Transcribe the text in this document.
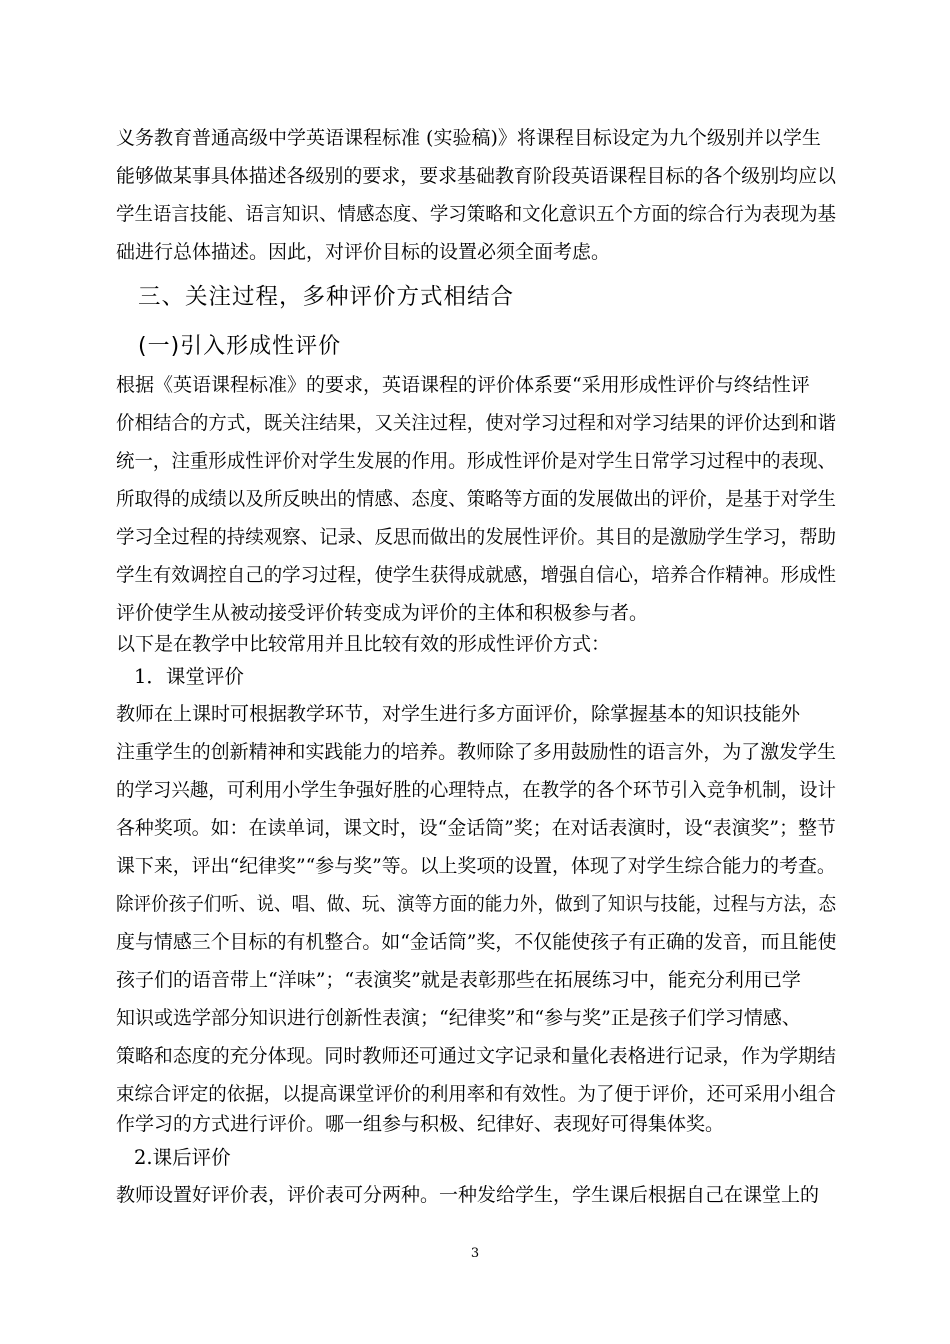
义务教育普通高级中学英语课程标准 (实验稿)》将课程目标设定为九个级别并以学生
能够做某事具体描述各级别的要求，要求基础教育阶段英语课程目标的各个级别均应以
学生语言技能、语言知识、情感态度、学习策略和文化意识五个方面的综合行为表现为基
础进行总体描述。因此，对评价目标的设置必须全面考虑。
三、关注过程，多种评价方式相结合
(一)引入形成性评价
根据《英语课程标准》的要求，英语课程的评价体系要“采用形成性评价与终结性评
价相结合的方式，既关注结果，又关注过程，使对学习过程和对学习结果的评价达到和谐
统一，注重形成性评价对学生发展的作用。形成性评价是对学生日常学习过程中的表现、
所取得的成绩以及所反映出的情感、态度、策略等方面的发展做出的评价，是基于对学生
学习全过程的持续观察、记录、反思而做出的发展性评价。其目的是激励学生学习，帮助
学生有效调控自己的学习过程，使学生获得成就感，增强自信心，培养合作精神。形成性
评价使学生从被动接受评价转变成为评价的主体和积极参与者。
以下是在教学中比较常用并且比较有效的形成性评价方式：
1．课堂评价
教师在上课时可根据教学环节，对学生进行多方面评价，除掌握基本的知识技能外
注重学生的创新精神和实践能力的培养。教师除了多用鼓励性的语言外，为了激发学生
的学习兴趣，可利用小学生争强好胜的心理特点，在教学的各个环节引入竞争机制，设计
各种奖项。如：在读单词，课文时，设“金话筒”奖；在对话表演时，设“表演奖”；整节
课下来，评出“纪律奖”“参与奖”等。以上奖项的设置，体现了对学生综合能力的考查。
除评价孩子们听、说、唱、做、玩、演等方面的能力外，做到了知识与技能，过程与方法，态
度与情感三个目标的有机整合。如“金话筒”奖，不仅能使孩子有正确的发音，而且能使
孩子们的语音带上“洋味”；“表演奖”就是表彰那些在拓展练习中，能充分利用已学
知识或选学部分知识进行创新性表演；“纪律奖”和“参与奖”正是孩子们学习情感、
策略和态度的充分体现。同时教师还可通过文字记录和量化表格进行记录，作为学期结
束综合评定的依据，以提高课堂评价的利用率和有效性。为了便于评价，还可采用小组合
作学习的方式进行评价。哪一组参与积极、纪律好、表现好可得集体奖。
2.课后评价
教师设置好评价表，评价表可分两种。一种发给学生，学生课后根据自己在课堂上的
3
